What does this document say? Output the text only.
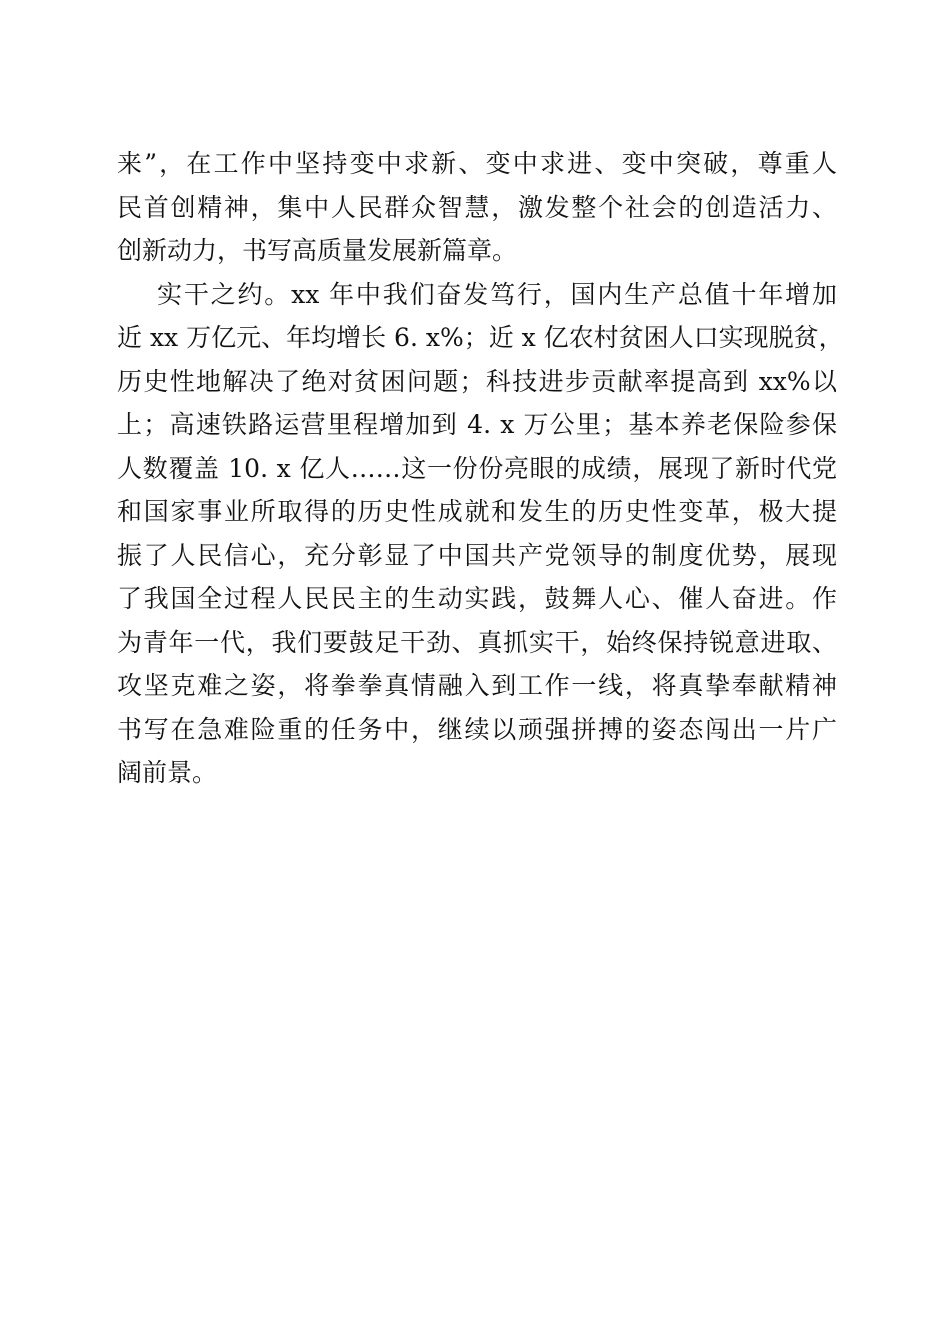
来”，在工作中坚持变中求新、变中求进、变中突破，尊重人
民首创精神，集中人民群众智慧，激发整个社会的创造活力、
创新动力，书写高质量发展新篇章。
实干之约。xx 年中我们奋发笃行，国内生产总值十年增加
近 xx 万亿元、年均增长 6. x%；近 x 亿农村贫困人口实现脱贫，
历史性地解决了绝对贫困问题；科技进步贡献率提高到 xx%以
上；高速铁路运营里程增加到 4. x 万公里；基本养老保险参保
人数覆盖 10. x 亿人……这一份份亮眼的成绩，展现了新时代党
和国家事业所取得的历史性成就和发生的历史性变革，极大提
振了人民信心，充分彰显了中国共产党领导的制度优势，展现
了我国全过程人民民主的生动实践，鼓舞人心、催人奋进。作
为青年一代，我们要鼓足干劲、真抓实干，始终保持锐意进取、
攻坚克难之姿，将拳拳真情融入到工作一线，将真挚奉献精神
书写在急难险重的任务中，继续以顽强拼搏的姿态闯出一片广
阔前景。
